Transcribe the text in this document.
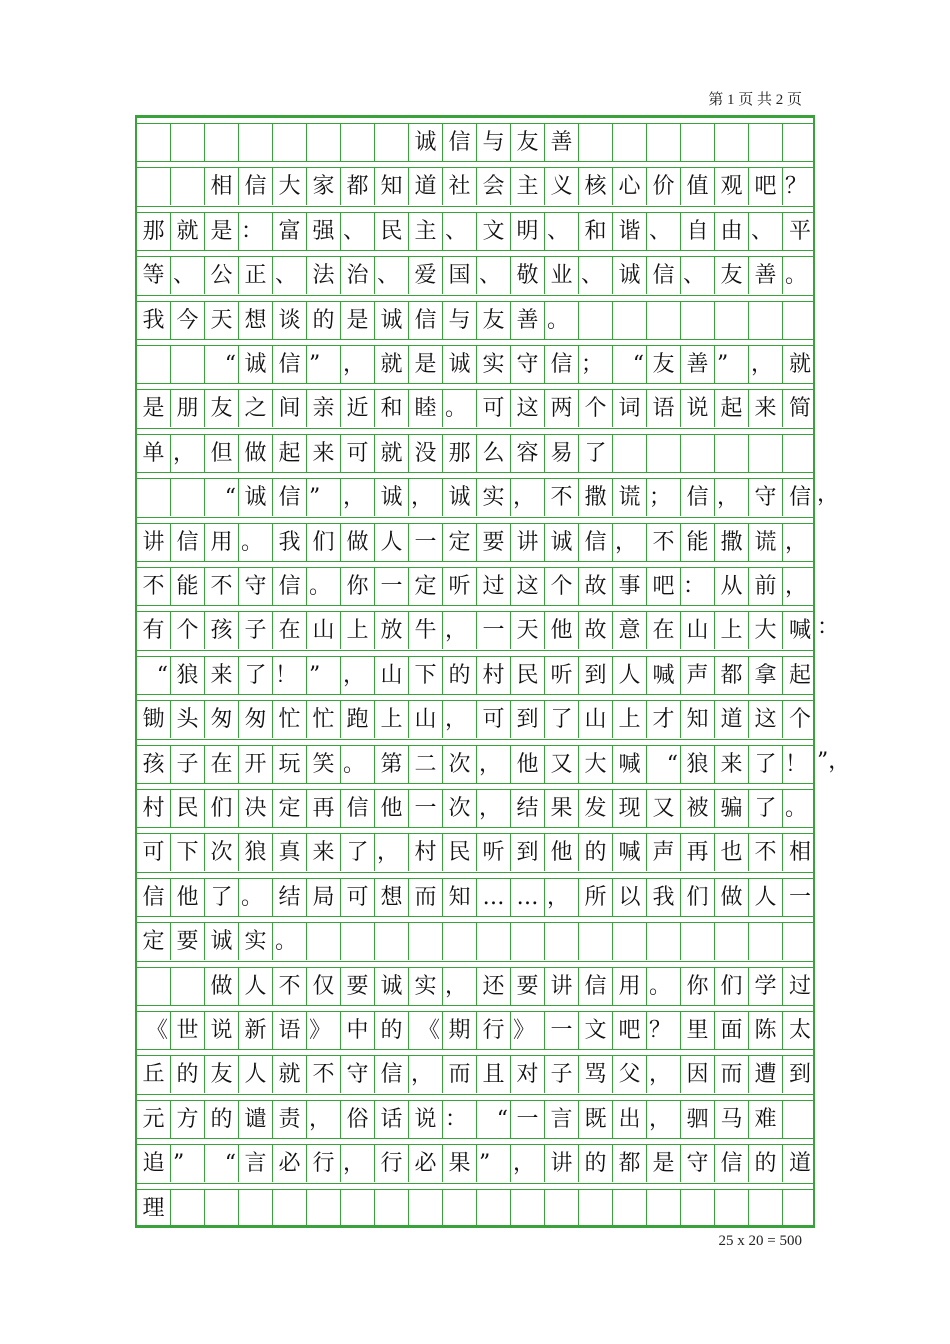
第 1 页 共 2 页
诚 信 与 友 善
相 信 大 家 都 知 道 社 会 主 义 核 心 价 值 观 吧 ？
那 就 是 ： 富 强 、 民 主 、 文 明 、 和 谐 、 自 由 、 平
等 、 公 正 、 法 治 、 爱 国 、 敬 业 、 诚 信 、 友 善 。
我 今 天 想 谈 的 是 诚 信 与 友 善 。
“ 诚 信 ”	， 就 是 诚 实 守 信 ；	“ 友 善 ”	， 就
是 朋 友 之 间 亲 近 和 睦 。 可 这 两 个 词 语 说 起 来 简
单 ， 但 做 起 来 可 就 没 那 么 容 易 了
“ 诚 信 ”	， 诚 ， 诚 实 ， 不 撒 谎 ； 信 ， 守 信
讲 信 用 。 我 们 做 人 一 定 要 讲 诚 信 ， 不 能 撒 谎 ，
不 能 不 守 信 。 你 一 定 听 过 这 个 故 事 吧 ： 从 前 ，
有 个 孩 子 在 山 上 放 牛 ， 一 天 他 故 意 在 山 上 大 喊
“ 狼 来 了 ！ ”	， 山 下 的 村 民 听 到 人 喊 声 都 拿 起
锄 头 匆 匆 忙 忙 跑 上 山 ， 可 到 了 山 上 才 知 道 这 个
孩 子 在 开 玩 笑 。 第 二 次 ， 他 又 大 喊	“ 狼 来 了 ！
村 民 们 决 定 再 信 他 一 次 ， 结 果 发 现 又 被 骗 了 。
可 下 次 狼 真 来 了 ， 村 民 听 到 他 的 喊 声 再 也 不 相
信 他 了 。 结 局 可 想 而 知 … … ， 所 以 我 们 做 人 一
定 要 诚 实 。
做 人 不 仅 要 诚 实 ， 还 要 讲 信 用 。 你 们 学 过
《 世 说 新 语 》 中 的 《 期 行 》 一 文 吧 ？ 里 面 陈 太
丘 的 友 人 就 不 守 信 ， 而 且 对 子 骂 父 ， 因 而 遭 到
元 方 的 谴 责 ， 俗 话 说 ：	“ 一 言 既 出 ， 驷 马 难
追 ”	“ 言 必 行 ， 行 必 果 ”	， 讲 的 都 是 守 信 的 道
理
25 x 20 = 500
，
：
”，
